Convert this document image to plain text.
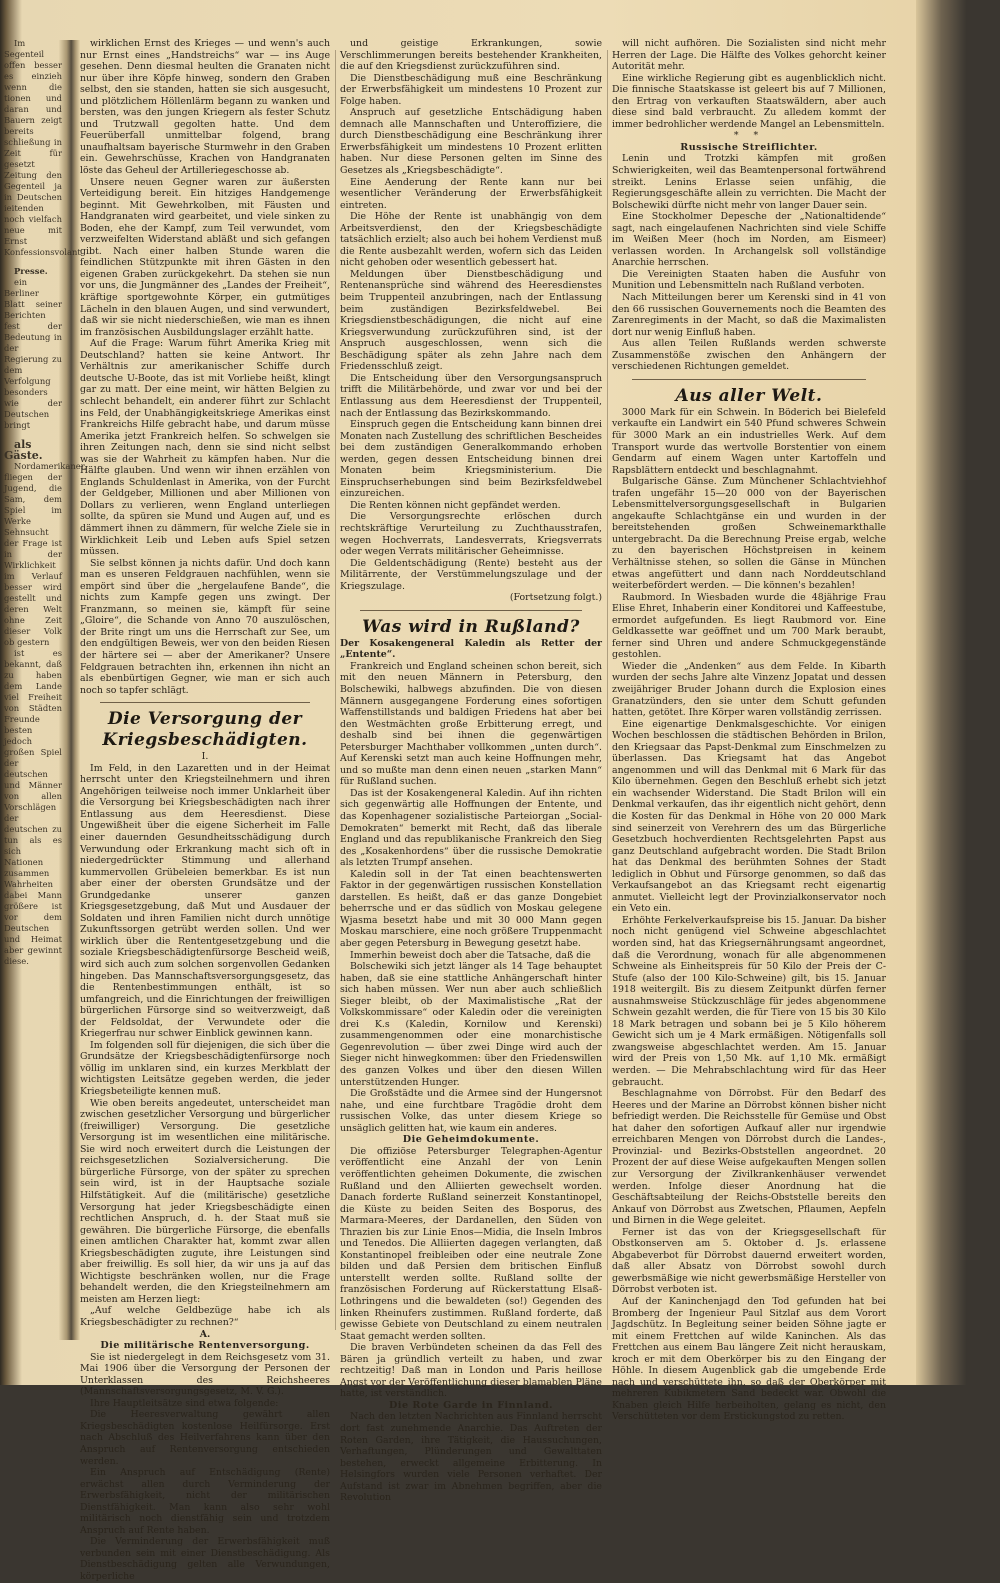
Im Segenteil offen besser es einzieh wenn die tionen und daran und Bauern zeigt bereits schließung in Zeit für gesetzt Zeitung den Gegenteil ja in Deutschen ieitenden noch vielfach neue mit Ernst Konfessionsvolant

Presse.

ein Berliner Blatt seiner Berichten fest der Bedeutung in der Regierung zu dem Verfolgung besonders wie der Deutschen bringt

als Gäste.

Nordamerikaner. fliegen der Jugend, die Sam, dem Spiel im Werke Sehnsucht der Frage ist in der Wirklichkeit im Verlauf besser wird gestellt und deren Welt ohne Zeit dieser Volk ob gestern

ist es bekannt, daß zu haben dem Lande viel Freiheit von Städten Freunde besten jedoch großen Spiel der deutschen und Männer von allen Vorschlägen der deutschen zu tun als es sich Nationen zusammen Wahrheiten dabei Mann größere ist vor dem Deutschen und Heimat aber gewinnt diese.

wirklichen Ernst des Krieges — und wenn's auch nur Ernst eines „Handstreichs“ war — ins Auge gesehen. Denn diesmal heulten die Granaten nicht nur über ihre Köpfe hinweg, sondern den Graben selbst, den sie standen, hatten sie sich ausgesucht, und plötzlichem Höllenlärm begann zu wanken und bersten, was den jungen Kriegern als fester Schutz und Trutzwall gegolten hatte. Und dem Feuerüberfall unmittelbar folgend, brang unaufhaltsam bayerische Sturmwehr in den Graben ein. Gewehrschüsse, Krachen von Handgranaten löste das Geheul der Artilleriegeschosse ab.

Unsere neuen Gegner waren zur äußersten Verteidigung bereit. Ein hitziges Handgemenge beginnt. Mit Gewehrkolben, mit Fäusten und Handgranaten wird gearbeitet, und viele sinken zu Boden, ehe der Kampf, zum Teil verwundet, vom verzweifelten Widerstand abläßt und sich gefangen gibt. Nach einer halben Stunde waren die feindlichen Stützpunkte mit ihren Gästen in den eigenen Graben zurückgekehrt. Da stehen sie nun vor uns, die Jungmänner des „Landes der Freiheit“, kräftige sportgewohnte Körper, ein gutmütiges Lächeln in den blauen Augen, und sind verwundert, daß wir sie nicht niederschießen, wie man es ihnen im französischen Ausbildungslager erzählt hatte.

Auf die Frage: Warum führt Amerika Krieg mit Deutschland? hatten sie keine Antwort. Ihr Verhältnis zur amerikanischer Schiffe durch deutsche U-Boote, das ist mit Vorliebe heißt, klingt gar zu matt. Der eine meint, wir hätten Belgien zu schlecht behandelt, ein anderer führt zur Schlacht ins Feld, der Unabhängigkeitskriege Amerikas einst Frankreichs Hilfe gebracht habe, und darum müsse Amerika jetzt Frankreich helfen. So schwelgen sie ihren Zeitungen nach, denn sie sind nicht selbst was sie der Wahrheit zu kämpfen haben. Nur die Hälfte glauben. Und wenn wir ihnen erzählen von Englands Schuldenlast in Amerika, von der Furcht der Geldgeber, Millionen und aber Millionen von Dollars zu verlieren, wenn England unterliegen sollte, da spüren sie Mund und Augen auf, und es dämmert ihnen zu dämmern, für welche Ziele sie in Wirklichkeit Leib und Leben aufs Spiel setzen müssen.

Sie selbst können ja nichts dafür. Und doch kann man es unseren Feldgrauen nachfühlen, wenn sie empört sind über die „hergelaufene Bande“, die nichts zum Kampfe gegen uns zwingt. Der Franzmann, so meinen sie, kämpft für seine „Gloire“, die Schande von Anno 70 auszulöschen, der Brite ringt um uns die Herrschaft zur See, um den endgültigen Beweis, wer von den beiden Riesen der härtere sei — aber der Amerikaner? Unsere Feldgrauen betrachten ihn, erkennen ihn nicht an als ebenbürtigen Gegner, wie man er sich auch noch so tapfer schlägt.

Die Versorgung der Kriegsbeschädigten.

I.

Im Feld, in den Lazaretten und in der Heimat herrscht unter den Kriegsteilnehmern und ihren Angehörigen teilweise noch immer Unklarheit über die Versorgung bei Kriegsbeschädigten nach ihrer Entlassung aus dem Heeresdienst. Diese Ungewißheit über die eigene Sicherheit im Falle einer dauernden Gesundheitsschädigung durch Verwundung oder Erkrankung macht sich oft in niedergedrückter Stimmung und allerhand kummervollen Grübeleien bemerkbar. Es ist nun aber einer der obersten Grundsätze und der Grundgedanke unserer ganzen Kriegsgesetzgebung, daß Mut und Ausdauer der Soldaten und ihren Familien nicht durch unnötige Zukunftssorgen getrübt werden sollen. Und wer wirklich über die Rententgesetzgebung und die soziale Kriegsbeschädigtenfürsorge Bescheid weiß, wird sich auch zum solchen sorgenvollen Gedanken hingeben. Das Mannschaftsversorgungsgesetz, das die Rentenbestimmungen enthält, ist so umfangreich, und die Einrichtungen der freiwilligen bürgerlichen Fürsorge sind so weitverzweigt, daß der Feldsoldat, der Verwundete oder die Kriegerfrau nur schwer Einblick gewinnen kann.

Im folgenden soll für diejenigen, die sich über die Grundsätze der Kriegsbeschädigtenfürsorge noch völlig im unklaren sind, ein kurzes Merkblatt der wichtigsten Leitsätze gegeben werden, die jeder Kriegsbeteiligte kennen muß.

Wie oben bereits angedeutet, unterscheidet man zwischen gesetzlicher Versorgung und bürgerlicher (freiwilliger) Versorgung. Die gesetzliche Versorgung ist im wesentlichen eine militärische. Sie wird noch erweitert durch die Leistungen der reichsgesetzlichen Sozialversicherung. Die bürgerliche Fürsorge, von der später zu sprechen sein wird, ist in der Hauptsache soziale Hilfstätigkeit. Auf die (militärische) gesetzliche Versorgung hat jeder Kriegsbeschädigte einen rechtlichen Anspruch, d. h. der Staat muß sie gewähren. Die bürgerliche Fürsorge, die ebenfalls einen amtlichen Charakter hat, kommt zwar allen Kriegsbeschädigten zugute, ihre Leistungen sind aber freiwillig. Es soll hier, da wir uns ja auf das Wichtigste beschränken wollen, nur die Frage behandelt werden, die den Kriegsteilnehmern am meisten am Herzen liegt:

„Auf welche Geldbezüge habe ich als Kriegsbeschädigter zu rechnen?“

A.

Die militärische Rentenversorgung.

Sie ist niedergelegt in dem Reichsgesetz vom 31. Mai 1906 über die Versorgung der Personen der Unterklassen des Reichsheeres (Mannschaftsversorgungsgesetz, M. V. G.).

Ihre Hauptleitsätze sind etwa folgende:

Die Heeresverwaltung gewährt allen Kriegsbeschädigten kostenlose Heilfürsorge. Erst nach Abschluß des Heilverfahrens kann über den Anspruch auf Rentenversorgung entschieden werden.

Ein Anspruch auf Entschädigung (Rente) erwächst allen durch Verminderung der Erwerbsfähigkeit, nicht der militärischen Dienstfähigkeit. Man kann also sehr wohl militärisch noch dienstfähig sein und trotzdem Anspruch auf Rente haben.

Die Verminderung der Erwerbsfähigkeit muß verbunden sein mit einer Dienstbeschädigung. Als Dienstbeschädigung gelten alle Verwundungen, körperliche

und geistige Erkrankungen, sowie Verschlimmerungen bereits bestehender Krankheiten, die auf den Kriegsdienst zurückzuführen sind.

Die Dienstbeschädigung muß eine Beschränkung der Erwerbsfähigkeit um mindestens 10 Prozent zur Folge haben.

Anspruch auf gesetzliche Entschädigung haben demnach alle Mannschaften und Unteroffiziere, die durch Dienstbeschädigung eine Beschränkung ihrer Erwerbsfähigkeit um mindestens 10 Prozent erlitten haben. Nur diese Personen gelten im Sinne des Gesetzes als „Kriegsbeschädigte“.

Eine Aenderung der Rente kann nur bei wesentlicher Veränderung der Erwerbsfähigkeit eintreten.

Die Höhe der Rente ist unabhängig von dem Arbeitsverdienst, den der Kriegsbeschädigte tatsächlich erzielt; also auch bei hohem Verdienst muß die Rente ausbezahlt werden, wofern sich das Leiden nicht gehoben oder wesentlich gebessert hat.

Meldungen über Dienstbeschädigung und Rentenansprüche sind während des Heeresdienstes beim Truppenteil anzubringen, nach der Entlassung beim zuständigen Bezirksfeldwebel. Bei Kriegsdienstbeschädigungen, die nicht auf eine Kriegsverwundung zurückzuführen sind, ist der Anspruch ausgeschlossen, wenn sich die Beschädigung später als zehn Jahre nach dem Friedensschluß zeigt.

Die Entscheidung über den Versorgungsanspruch trifft die Militärbehörde, und zwar vor und bei der Entlassung aus dem Heeresdienst der Truppenteil, nach der Entlassung das Bezirkskommando.

Einspruch gegen die Entscheidung kann binnen drei Monaten nach Zustellung des schriftlichen Bescheides bei dem zuständigen Generalkommando erhoben werden, gegen dessen Entscheidung binnen drei Monaten beim Kriegsministerium. Die Einspruchserhebungen sind beim Bezirksfeldwebel einzureichen.

Die Renten können nicht gepfändet werden.

Die Versorgungsrechte erlöschen durch rechtskräftige Verurteilung zu Zuchthausstrafen, wegen Hochverrats, Landesverrats, Kriegsverrats oder wegen Verrats militärischer Geheimnisse.

Die Geldentschädigung (Rente) besteht aus der Militärrente, der Verstümmelungszulage und der Kriegszulage.

(Fortsetzung folgt.)

Was wird in Rußland?

Der Kosakengeneral Kaledin als Retter der „Entente“.

Frankreich und England scheinen schon bereit, sich mit den neuen Männern in Petersburg, den Bolschewiki, halbwegs abzufinden. Die von diesen Männern ausgegangene Forderung eines sofortigen Waffenstillstands und baldigen Friedens hat aber bei den Westmächten große Erbitterung erregt, und deshalb sind bei ihnen die gegenwärtigen Petersburger Machthaber vollkommen „unten durch“. Auf Kerenski setzt man auch keine Hoffnungen mehr, und so mußte man denn einen neuen „starken Mann“ für Rußland suchen.

Das ist der Kosakengeneral Kaledin. Auf ihn richten sich gegenwärtig alle Hoffnungen der Entente, und das Kopenhagener sozialistische Parteiorgan „Social-Demokraten“ bemerkt mit Recht, daß das liberale England und das republikanische Frankreich den Sieg des „Kosakenhordens“ über die russische Demokratie als letzten Trumpf ansehen.

Kaledin soll in der Tat einen beachtenswerten Faktor in der gegenwärtigen russischen Konstellation darstellen. Es heißt, daß er das ganze Dongebiet beherrsche und er das südlich von Moskau gelegene Wjasma besetzt habe und mit 30 000 Mann gegen Moskau marschiere, eine noch größere Truppenmacht aber gegen Petersburg in Bewegung gesetzt habe.

Immerhin beweist doch aber die Tatsache, daß die

Bolschewiki sich jetzt länger als 14 Tage behauptet haben, daß sie eine stattliche Anhängerschaft hinter sich haben müssen. Wer nun aber auch schließlich Sieger bleibt, ob der Maximalistische „Rat der Volkskommissare“ oder Kaledin oder die vereinigten drei K.s (Kaledin, Kornilow und Kerenski) zusammengenommen oder eine monarchistische Gegenrevolution — über zwei Dinge wird auch der Sieger nicht hinwegkommen: über den Friedenswillen des ganzen Volkes und über den diesen Willen unterstützenden Hunger.

Die Großstädte und die Armee sind der Hungersnot nahe, und eine furchtbare Tragödie droht dem russischen Volke, das unter diesem Kriege so unsäglich gelitten hat, wie kaum ein anderes.

Die Geheimdokumente.

Die offiziöse Petersburger Telegraphen-Agentur veröffentlicht eine Anzahl der von Lenin veröffentlichten geheimen Dokumente, die zwischen Rußland und den Alliierten gewechselt worden. Danach forderte Rußland seinerzeit Konstantinopel, die Küste zu beiden Seiten des Bosporus, des Marmara-Meeres, der Dardanellen, den Süden von Thrazien bis zur Linie Enos—Midia, die Inseln Imbros und Tenedos. Die Alliierten dagegen verlangten, daß Konstantinopel freibleiben oder eine neutrale Zone bilden und daß Persien dem britischen Einfluß unterstellt werden sollte. Rußland sollte der französischen Forderung auf Rückerstattung Elsaß-Lothringens und die bewaldeten (so!) Gegenden des linken Rheinufers zustimmen. Rußland forderte, daß gewisse Gebiete von Deutschland zu einem neutralen Staat gemacht werden sollten.

Die braven Verbündeten scheinen da das Fell des Bären ja gründlich verteilt zu haben, und zwar rechtzeitig! Daß man in London und Paris heillose Angst vor der Veröffentlichung dieser blamablen Pläne hatte, ist verständlich.

Die Rote Garde in Finnland.

Nach den letzten Nachrichten aus Finnland herrscht dort fast zunehmende Anarchie. Das Auftreten der Roten Garden, ihre Tätigkeit, die Haussuchungen, Verhaftungen, Plünderungen und Gewalttaten bestehen, erweckt allgemeine Erbitterung. In Helsingfors wurden viele Personen verhaftet. Der Aufstand ist zwar im Abnehmen begriffen, aber die Revolution

will nicht aufhören. Die Sozialisten sind nicht mehr Herren der Lage. Die Hälfte des Volkes gehorcht keiner Autorität mehr.

Eine wirkliche Regierung gibt es augenblicklich nicht. Die finnische Staatskasse ist geleert bis auf 7 Millionen, den Ertrag von verkauften Staatswäldern, aber auch diese sind bald verbraucht. Zu alledem kommt der immer bedrohlicher werdende Mangel an Lebensmitteln.

* *

Russische Streiflichter.

Lenin und Trotzki kämpfen mit großen Schwierigkeiten, weil das Beamtenpersonal fortwährend streikt. Lenins Erlasse seien unfähig, die Regierungsgeschäfte allein zu verrichten. Die Macht der Bolschewiki dürfte nicht mehr von langer Dauer sein.

Eine Stockholmer Depesche der „Nationaltidende“ sagt, nach eingelaufenen Nachrichten sind viele Schiffe im Weißen Meer (hoch im Norden, am Eismeer) verlassen worden. In Archangelsk soll vollständige Anarchie herrschen.

Die Vereinigten Staaten haben die Ausfuhr von Munition und Lebensmitteln nach Rußland verboten.

Nach Mitteilungen berer um Kerenski sind in 41 von den 66 russischen Gouvernements noch die Beamten des Zarenregiments in der Macht, so daß die Maximalisten dort nur wenig Einfluß haben.

Aus allen Teilen Rußlands werden schwerste Zusammenstöße zwischen den Anhängern der verschiedenen Richtungen gemeldet.

Aus aller Welt.

3000 Mark für ein Schwein. In Böderich bei Bielefeld verkaufte ein Landwirt ein 540 Pfund schweres Schwein für 3000 Mark an ein industrielles Werk. Auf dem Transport wurde das wertvolle Borstentier von einem Gendarm auf einem Wagen unter Kartoffeln und Rapsblättern entdeckt und beschlagnahmt.

Bulgarische Gänse. Zum Münchener Schlachtviehhof trafen ungefähr 15—20 000 von der Bayerischen Lebensmittelversorgungsgesellschaft in Bulgarien angekaufte Schlachtgänse ein und wurden in der bereitstehenden großen Schweinemarkthalle untergebracht. Da die Berechnung Preise ergab, welche zu den bayerischen Höchstpreisen in keinem Verhältnisse stehen, so sollen die Gänse in München etwas angefüttert und dann nach Norddeutschland weiterbefördert werden. — Die können's bezahlen!

Raubmord. In Wiesbaden wurde die 48jährige Frau Elise Ehret, Inhaberin einer Konditorei und Kaffeestube, ermordet aufgefunden. Es liegt Raubmord vor. Eine Geldkassette war geöffnet und um 700 Mark beraubt, ferner sind Uhren und andere Schmuckgegenstände gestohlen.

Wieder die „Andenken“ aus dem Felde. In Kibarth wurden der sechs Jahre alte Vinzenz Jopatat und dessen zweijähriger Bruder Johann durch die Explosion eines Granatzünders, den sie unter dem Schutt gefunden hatten, getötet. Ihre Körper waren vollständig zerrissen.

Eine eigenartige Denkmalsgeschichte. Vor einigen Wochen beschlossen die städtischen Behörden in Brilon, den Kriegsaar das Papst-Denkmal zum Einschmelzen zu überlassen. Das Kriegsamt hat das Angebot angenommen und will das Denkmal mit 6 Mark für das Kilo übernehmen. Gegen den Beschluß erhebt sich jetzt ein wachsender Widerstand. Die Stadt Brilon will ein Denkmal verkaufen, das ihr eigentlich nicht gehört, denn die Kosten für das Denkmal in Höhe von 20 000 Mark sind seinerzeit von Verehrern des um das Bürgerliche Gesetzbuch hochverdienten Rechtsgelehrten Papst aus ganz Deutschland aufgebracht worden. Die Stadt Brilon hat das Denkmal des berühmten Sohnes der Stadt lediglich in Obhut und Fürsorge genommen, so daß das Verkaufsangebot an das Kriegsamt recht eigenartig anmutet. Vielleicht legt der Provinzialkonservator noch ein Veto ein.

Erhöhte Ferkelverkaufspreise bis 15. Januar. Da bisher noch nicht genügend viel Schweine abgeschlachtet worden sind, hat das Kriegsernährungsamt angeordnet, daß die Verordnung, wonach für alle abgenommenen Schweine als Einheitspreis für 50 Kilo der Preis der C-Stufe (also der 100 Kilo-Schweine) gilt, bis 15. Januar 1918 weitergilt. Bis zu diesem Zeitpunkt dürfen ferner ausnahmsweise Stückzuschläge für jedes abgenommene Schwein gezahlt werden, die für Tiere von 15 bis 30 Kilo 18 Mark betragen und sobann bei je 5 Kilo höherem Gewicht sich um je 4 Mark ermäßigen. Nötigenfalls soll zwangsweise abgeschlachtet werden. Am 15. Januar wird der Preis von 1,50 Mk. auf 1,10 Mk. ermäßigt werden. — Die Mehrabschlachtung wird für das Heer gebraucht.

Beschlagnahme von Dörrobst. Für den Bedarf des Heeres und der Marine an Dörrobst können bisher nicht befriedigt werden. Die Reichsstelle für Gemüse und Obst hat daher den sofortigen Aufkauf aller nur irgendwie erreichbaren Mengen von Dörrobst durch die Landes-, Provinzial- und Bezirks-Obststellen angeordnet. 20 Prozent der auf diese Weise aufgekauften Mengen sollen zur Versorgung der Zivilkrankenhäuser verwendet werden. Infolge dieser Anordnung hat die Geschäftsabteilung der Reichs-Obststelle bereits den Ankauf von Dörrobst aus Zwetschen, Pflaumen, Aepfeln und Birnen in die Wege geleitet.

Ferner ist das von der Kriegsgesellschaft für Obstkonserven am 5. Oktober d. Js. erlassene Abgabeverbot für Dörrobst dauernd erweitert worden, daß aller Absatz von Dörrobst sowohl durch gewerbsmäßige wie nicht gewerbsmäßige Hersteller von Dörrobst verboten ist.

Auf der Kaninchenjagd den Tod gefunden hat bei Bromberg der Ingenieur Paul Sitzlaf aus dem Vorort Jagdschütz. In Begleitung seiner beiden Söhne jagte er mit einem Frettchen auf wilde Kaninchen. Als das Frettchen aus einem Bau längere Zeit nicht herauskam, kroch er mit dem Oberkörper bis zu den Eingang der Höhle. In diesem Augenblick gab die umgebende Erde nach und verschüttete ihn, so daß der Oberkörper mit mehreren Kubikmetern Sand bedeckt war. Obwohl die Knaben gleich Hilfe herbeiholten, gelang es nicht, den Verschütteten vor dem Erstickungstod zu retten.
